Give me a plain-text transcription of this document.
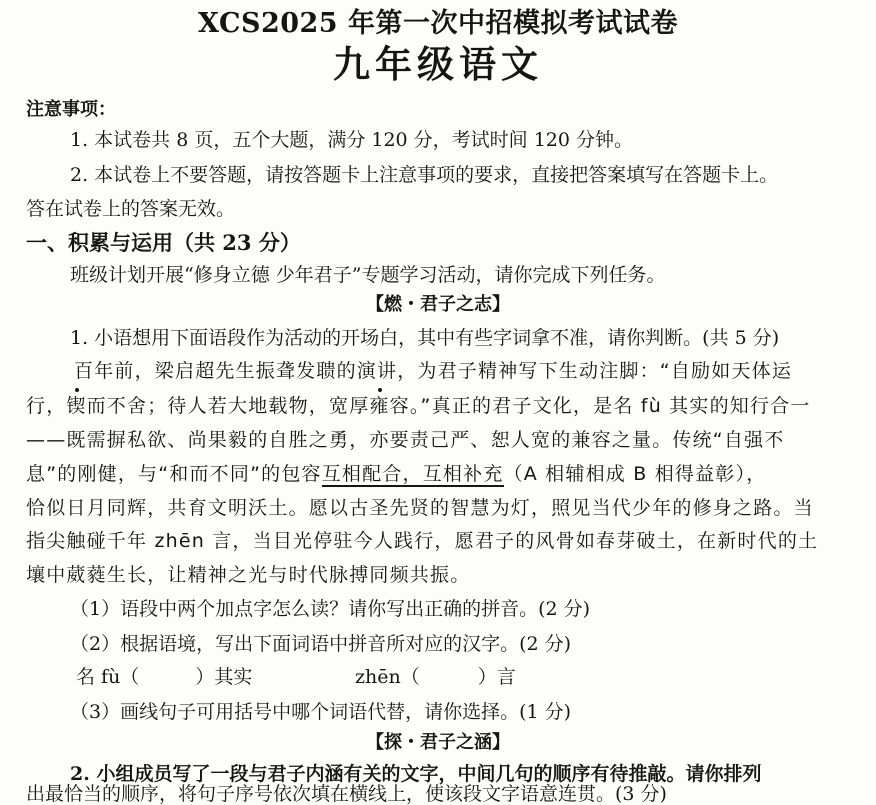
XCS2025 年第一次中招模拟考试试卷
九年级语文
注意事项：
1. 本试卷共 8 页，五个大题，满分 120 分，考试时间 120 分钟。
2. 本试卷上不要答题，请按答题卡上注意事项的要求，直接把答案填写在答题卡上。
答在试卷上的答案无效。
一、积累与运用（共 23 分）
班级计划开展“修身立德 少年君子”专题学习活动，请你完成下列任务。
【燃・君子之志】
1. 小语想用下面语段作为活动的开场白，其中有些字词拿不准，请你判断。(共 5 分)
百年前，梁启超先生振聋发聩的演讲，为君子精神写下生动注脚：“自励如天体运
行，锲而不舍；待人若大地载物，宽厚雍容。”真正的君子文化，是名 fù 其实的知行合一
——既需摒私欲、尚果毅的自胜之勇，亦要责己严、恕人宽的兼容之量。传统“自强不
息”的刚健，与“和而不同”的包容互相配合，互相补充（A 相辅相成 B 相得益彰），
恰似日月同辉，共育文明沃土。愿以古圣先贤的智慧为灯，照见当代少年的修身之路。当
指尖触碰千年 zhēn 言，当目光停驻今人践行，愿君子的风骨如春芽破土，在新时代的土
壤中葳蕤生长，让精神之光与时代脉搏同频共振。
（1）语段中两个加点字怎么读？请你写出正确的拼音。(2 分)
（2）根据语境，写出下面词语中拼音所对应的汉字。(2 分)
名 fù（	）其实	zhēn（	）言
（3）画线句子可用括号中哪个词语代替，请你选择。(1 分)
【探・君子之涵】
2. 小组成员写了一段与君子内涵有关的文字，中间几句的顺序有待推敲。请你排列
出最恰当的顺序，将句子序号依次填在横线上，使该段文字语意连贯。(3 分)
